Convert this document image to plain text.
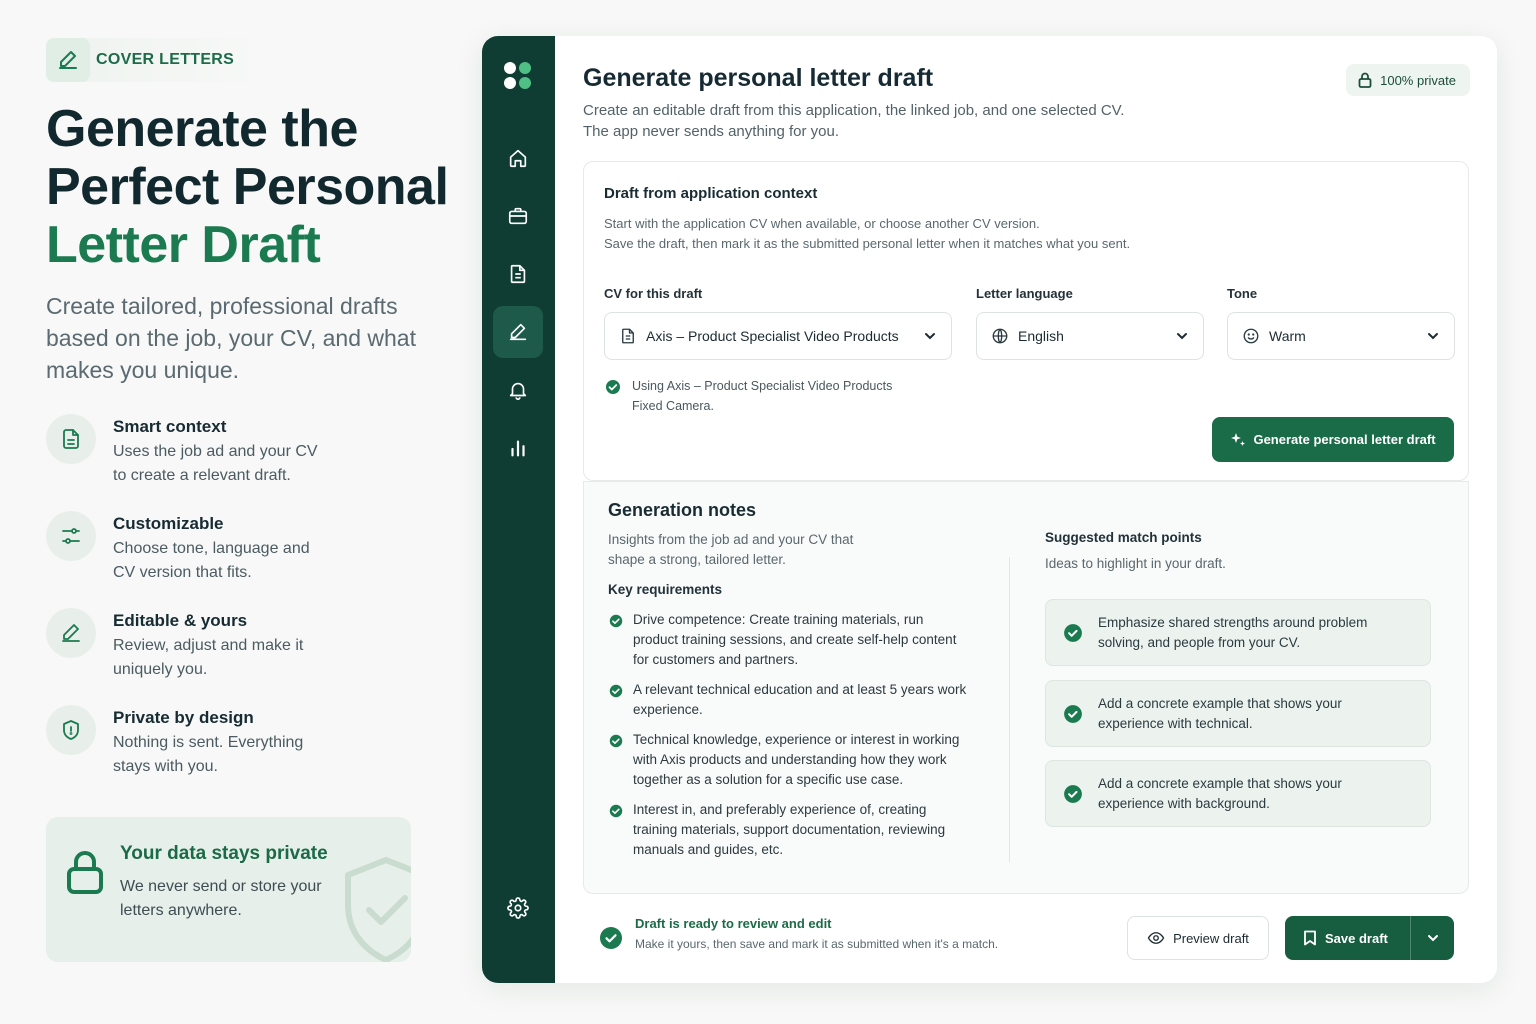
COVER LETTERS
Generate the
Perfect Personal
Letter Draft

Create tailored, professional drafts based on the job, your CV, and what makes you unique.

Smart context
Uses the job ad and your CV to create a relevant draft.
Customizable
Choose tone, language and CV version that fits.
Editable & yours
Review, adjust and make it uniquely you.
Private by design
Nothing is sent. Everything stays with you.
Your data stays private
We never send or store your letters anywhere.
Generate personal letter draft
Create an editable draft from this application, the linked job, and one selected CV.
The app never sends anything for you.
100% private
Draft from application context
Start with the application CV when available, or choose another CV version.
Save the draft, then mark it as the submitted personal letter when it matches what you sent.
CV for this draft
Axis – Product Specialist Video Products
Letter language
English
Tone
Warm
Using Axis – Product Specialist Video Products
Fixed Camera.
Generate personal letter draft
Generation notes
Insights from the job ad and your CV that shape a strong, tailored letter.
Key requirements
Drive competence: Create training materials, run product training sessions, and create self-help content for customers and partners.
A relevant technical education and at least 5 years work experience.
Technical knowledge, experience or interest in working with Axis products and understanding how they work together as a solution for a specific use case.
Interest in, and preferably experience of, creating training materials, support documentation, reviewing manuals and guides, etc.
Suggested match points
Ideas to highlight in your draft.
Emphasize shared strengths around problem solving, and people from your CV.
Add a concrete example that shows your experience with technical.
Add a concrete example that shows your experience with background.
Draft is ready to review and edit
Make it yours, then save and mark it as submitted when it's a match.	Preview draft	Save draft
